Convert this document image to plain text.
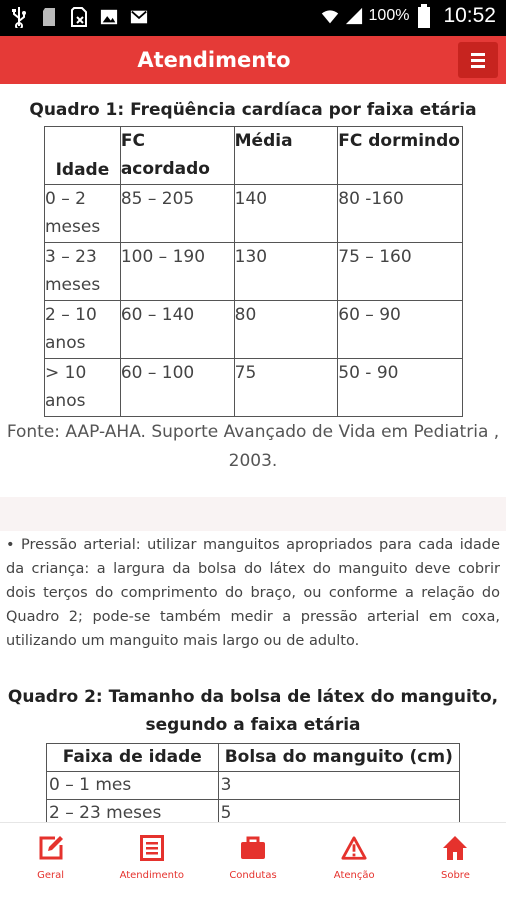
100% 10:52
Atendimento
Quadro 1: Freqüência cardíaca por faixa etária
Idade	FC acordado	Média	FC dormindo
0 – 2 meses	85 – 205	140	80 -160
3 – 23 meses	100 – 190	130	75 – 160
2 – 10 anos	60 – 140	80	60 – 90
> 10 anos	60 – 100	75	50 - 90
Fonte: AAP-AHA. Suporte Avançado de Vida em Pediatria , 2003.
• Pressão arterial: utilizar manguitos apropriados para cada idade da criança: a largura da bolsa do látex do manguito deve cobrir dois terços do comprimento do braço, ou conforme a relação do Quadro 2; pode-se também medir a pressão arterial em coxa, utilizando um manguito mais largo ou de adulto.
Quadro 2: Tamanho da bolsa de látex do manguito,
segundo a faixa etária
Faixa de idade	Bolsa do manguito (cm)
0 – 1 mes	3
2 – 23 meses	5
Geral	Atendimento	Condutas	Atenção	Sobre
